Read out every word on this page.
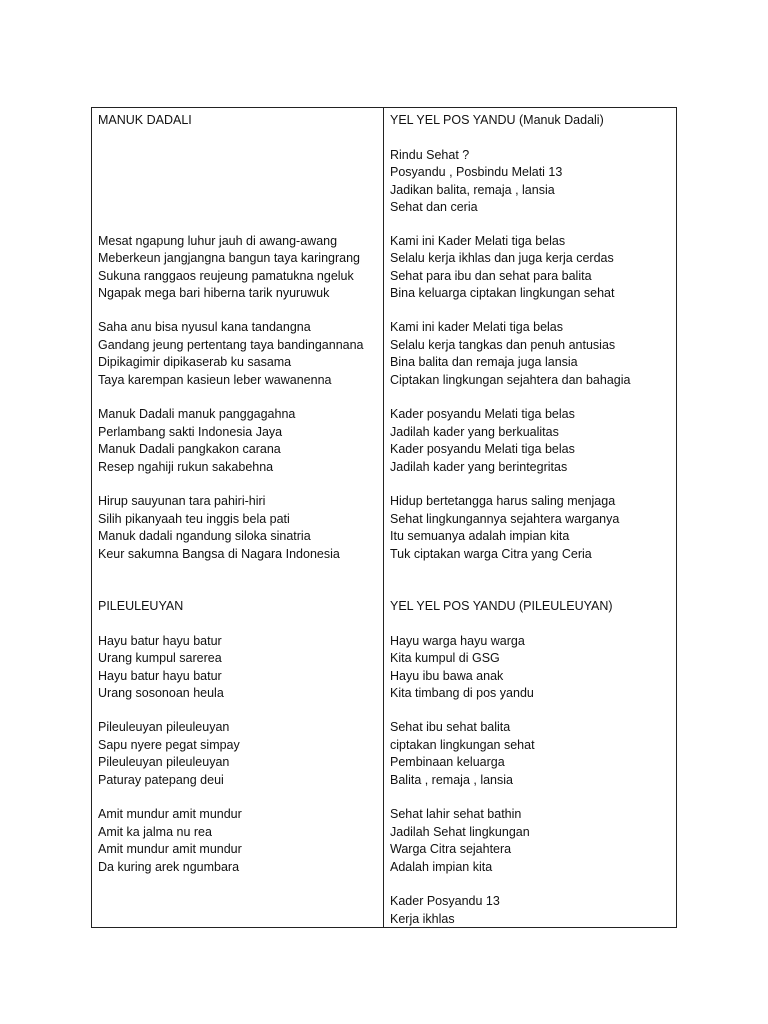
MANUK DADALI
Mesat ngapung luhur jauh di awang-awang
Meberkeun jangjangna bangun taya karingrang
Sukuna ranggaos reujeung pamatukna ngeluk
Ngapak mega bari hiberna tarik nyuruwuk
Saha anu bisa nyusul kana tandangna
Gandang jeung pertentang taya bandingannana
Dipikagimir dipikaserab ku sasama
Taya karempan kasieun leber wawanenna
Manuk Dadali manuk panggagahna
Perlambang sakti Indonesia Jaya
Manuk Dadali pangkakon carana
Resep ngahiji rukun sakabehna
Hirup sauyunan tara pahiri-hiri
Silih pikanyaah teu inggis bela pati
Manuk dadali ngandung siloka sinatria
Keur sakumna Bangsa di Nagara Indonesia
PILEULEUYAN
Hayu batur hayu batur
Urang kumpul sarerea
Hayu batur hayu batur
Urang sosonoan heula
Pileuleuyan pileuleuyan
Sapu nyere pegat simpay
Pileuleuyan pileuleuyan
Paturay patepang deui
Amit mundur amit mundur
Amit ka jalma nu rea
Amit mundur amit mundur
Da kuring arek ngumbara
YEL YEL POS YANDU (Manuk Dadali)
Rindu Sehat ?
Posyandu , Posbindu Melati 13
Jadikan balita, remaja , lansia
Sehat dan ceria
Kami ini Kader Melati tiga belas
Selalu kerja ikhlas dan juga kerja cerdas
Sehat para ibu dan sehat para balita
Bina keluarga ciptakan lingkungan sehat
Kami ini kader Melati tiga belas
Selalu kerja tangkas dan penuh antusias
Bina balita dan remaja juga lansia
Ciptakan lingkungan sejahtera dan bahagia
Kader posyandu Melati tiga belas
Jadilah kader yang berkualitas
Kader posyandu Melati tiga belas
Jadilah kader yang berintegritas
Hidup bertetangga harus saling menjaga
Sehat lingkungannya sejahtera warganya
Itu semuanya adalah impian kita
Tuk ciptakan warga Citra yang Ceria
YEL YEL POS YANDU (PILEULEUYAN)
Hayu warga hayu warga
Kita kumpul di GSG
Hayu ibu bawa anak
Kita timbang di pos yandu
Sehat ibu sehat balita
ciptakan lingkungan sehat
Pembinaan keluarga
Balita , remaja , lansia
Sehat lahir sehat bathin
Jadilah Sehat lingkungan
Warga Citra sejahtera
Adalah impian kita
Kader Posyandu 13
Kerja ikhlas
